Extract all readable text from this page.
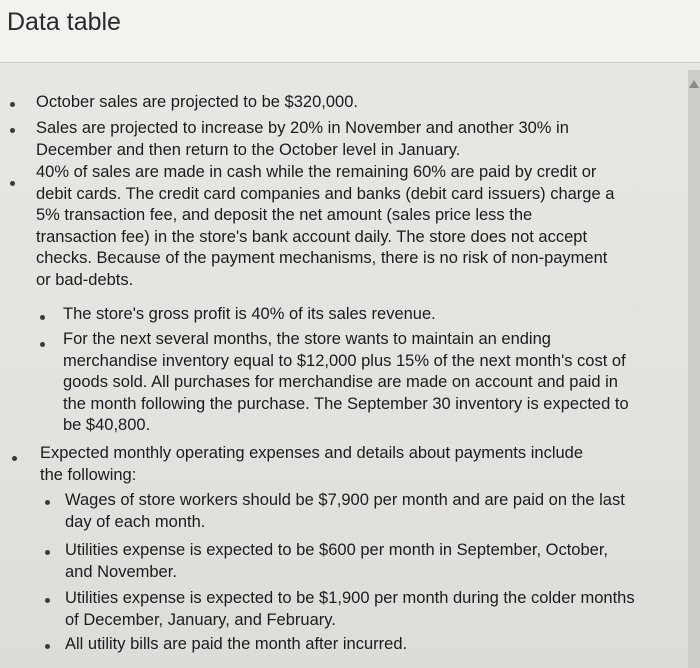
Data table
October sales are projected to be $320,000.
Sales are projected to increase by 20% in November and another 30% in
December and then return to the October level in January.
40% of sales are made in cash while the remaining 60% are paid by credit or
debit cards. The credit card companies and banks (debit card issuers) charge a
5% transaction fee, and deposit the net amount (sales price less the
transaction fee) in the store's bank account daily. The store does not accept
checks. Because of the payment mechanisms, there is no risk of non-payment
or bad-debts.
The store's gross profit is 40% of its sales revenue.
For the next several months, the store wants to maintain an ending
merchandise inventory equal to $12,000 plus 15% of the next month's cost of
goods sold. All purchases for merchandise are made on account and paid in
the month following the purchase. The September 30 inventory is expected to
be $40,800.
Expected monthly operating expenses and details about payments include
the following:
Wages of store workers should be $7,900 per month and are paid on the last
day of each month.
Utilities expense is expected to be $600 per month in September, October,
and November.
Utilities expense is expected to be $1,900 per month during the colder months
of December, January, and February.
All utility bills are paid the month after incurred.
